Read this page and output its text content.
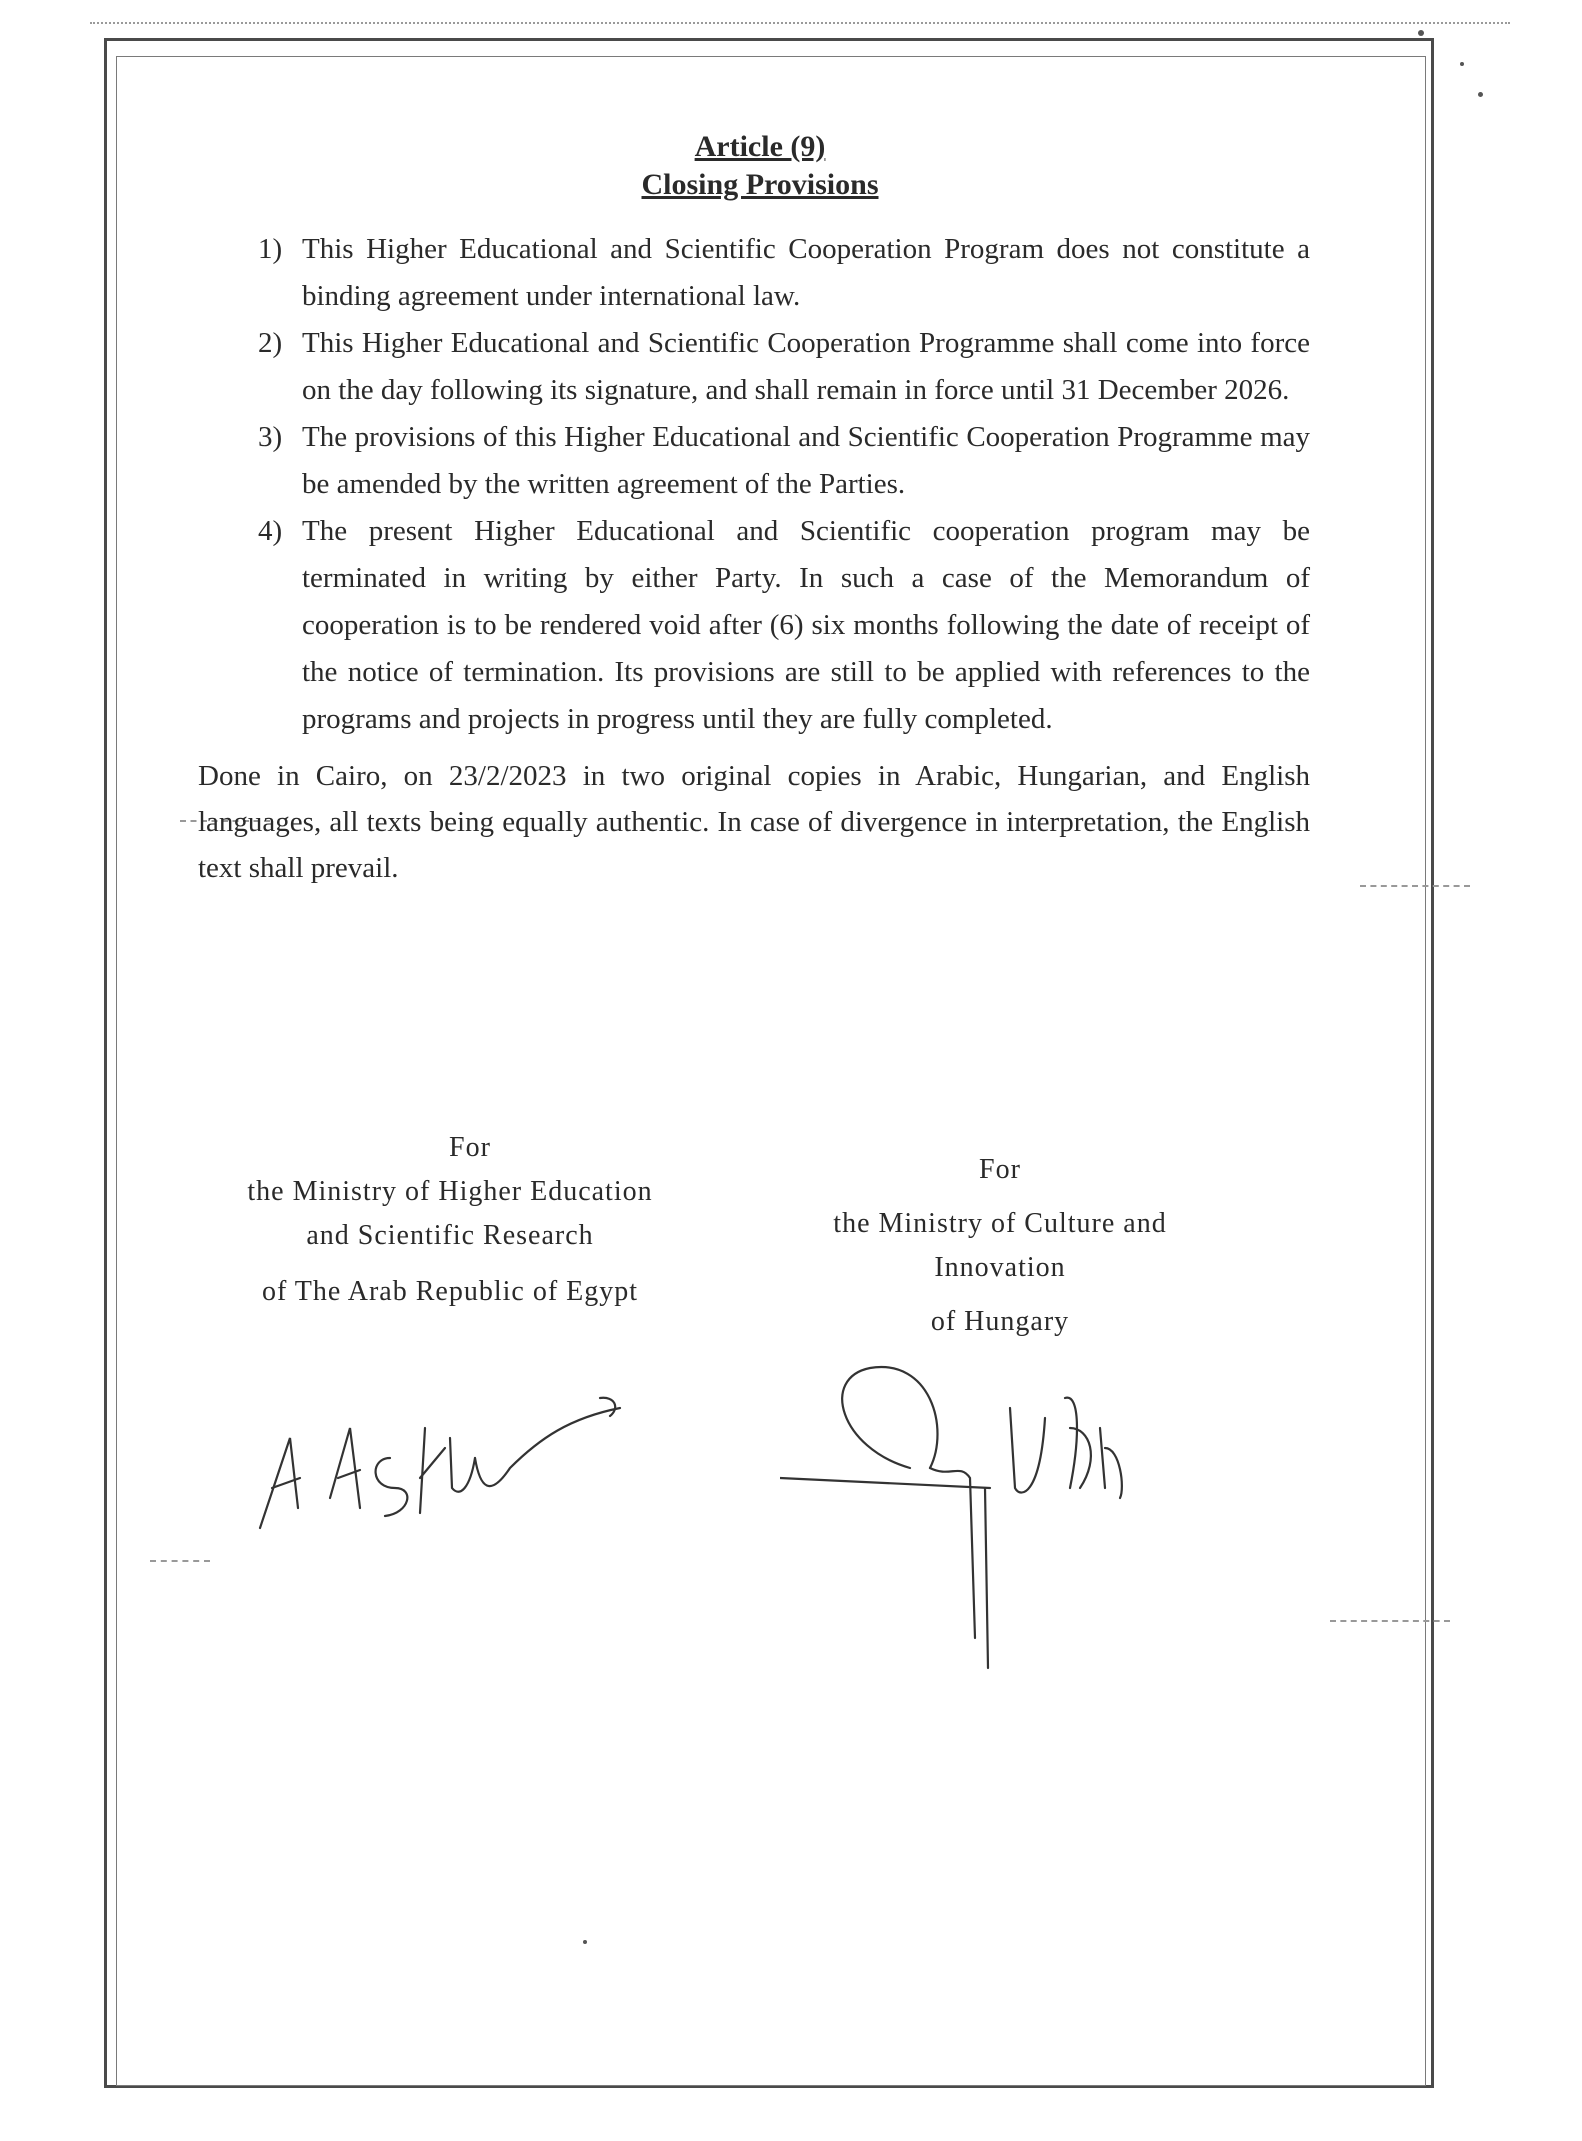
Article (9)
Closing Provisions
1) This Higher Educational and Scientific Cooperation Program does not constitute a binding agreement under international law.
2) This Higher Educational and Scientific Cooperation Programme shall come into force on the day following its signature, and shall remain in force until 31 December 2026.
3) The provisions of this Higher Educational and Scientific Cooperation Programme may be amended by the written agreement of the Parties.
4) The present Higher Educational and Scientific cooperation program may be terminated in writing by either Party. In such a case of the Memorandum of cooperation is to be rendered void after (6) six months following the date of receipt of the notice of termination. Its provisions are still to be applied with references to the programs and projects in progress until they are fully completed.
Done in Cairo, on 23/2/2023 in two original copies in Arabic, Hungarian, and English languages, all texts being equally authentic. In case of divergence in interpretation, the English text shall prevail.
For
the Ministry of Higher Education
and Scientific Research
of The Arab Republic of Egypt
For
the Ministry of Culture and
Innovation
of Hungary
